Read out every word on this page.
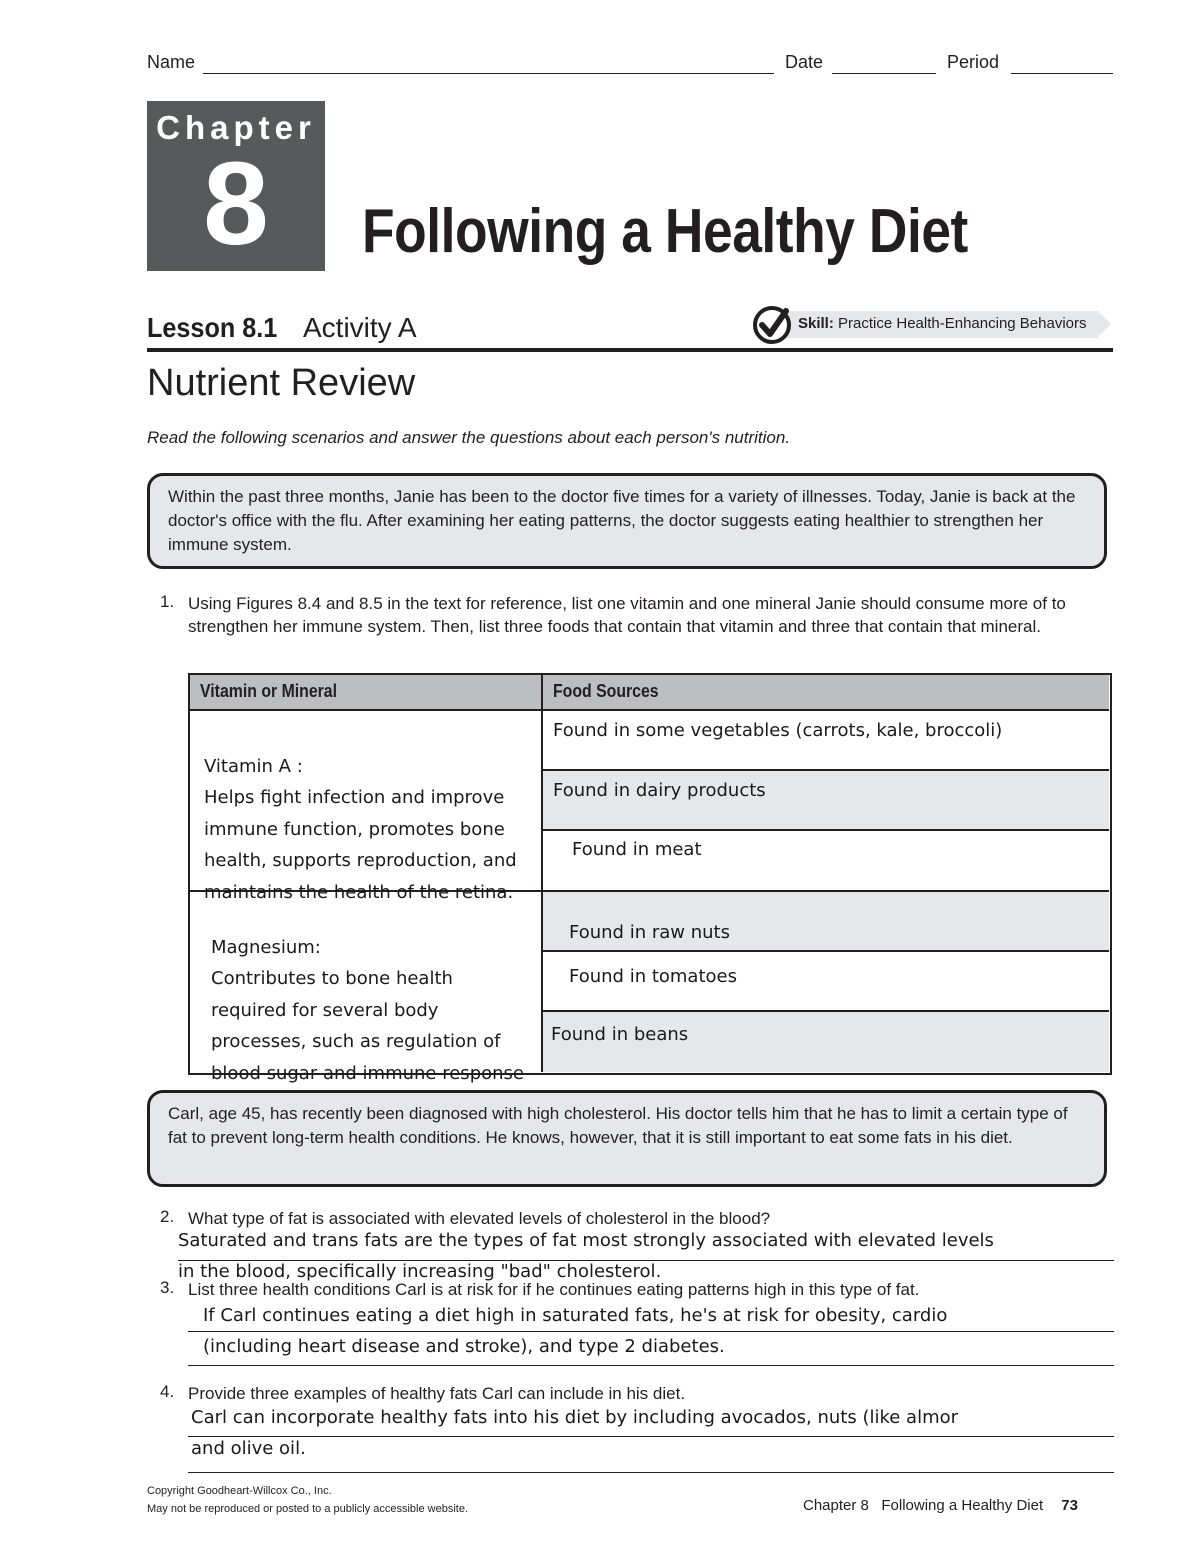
Name	Date	Period
Chapter
8	Following a Healthy Diet
Lesson 8.1 Activity A	Skill: Practice Health-Enhancing Behaviors
Nutrient Review
Read the following scenarios and answer the questions about each person's nutrition.
Within the past three months, Janie has been to the doctor five times for a variety of illnesses. Today, Janie is back at the doctor's office with the flu. After examining her eating patterns, the doctor suggests eating healthier to strengthen her immune system.
1. Using Figures 8.4 and 8.5 in the text for reference, list one vitamin and one mineral Janie should consume more of to strengthen her immune system. Then, list three foods that contain that vitamin and three that contain that mineral.
Vitamin or Mineral	Food Sources

Vitamin A :
Helps fight infection and improve immune function, promotes bone health, supports reproduction, and maintains the health of the retina.

Found in some vegetables (carrots, kale, broccoli)
Found in dairy products
Found in meat

Magnesium:
Contributes to bone health required for several body processes, such as regulation of blood sugar and immune response

Found in raw nuts
Found in tomatoes
Found in beans
Carl, age 45, has recently been diagnosed with high cholesterol. His doctor tells him that he has to limit a certain type of fat to prevent long-term health conditions. He knows, however, that it is still important to eat some fats in his diet.
2. What type of fat is associated with elevated levels of cholesterol in the blood?
Saturated and trans fats are the types of fat most strongly associated with elevated levels
in the blood, specifically increasing "bad" cholesterol.
3. List three health conditions Carl is at risk for if he continues eating patterns high in this type of fat.
If Carl continues eating a diet high in saturated fats, he's at risk for obesity, cardio
(including heart disease and stroke), and type 2 diabetes.
4. Provide three examples of healthy fats Carl can include in his diet.
Carl can incorporate healthy fats into his diet by including avocados, nuts (like almor
and olive oil.
Copyright Goodheart-Willcox Co., Inc.
May not be reproduced or posted to a publicly accessible website.	Chapter 8   Following a Healthy Diet 73
